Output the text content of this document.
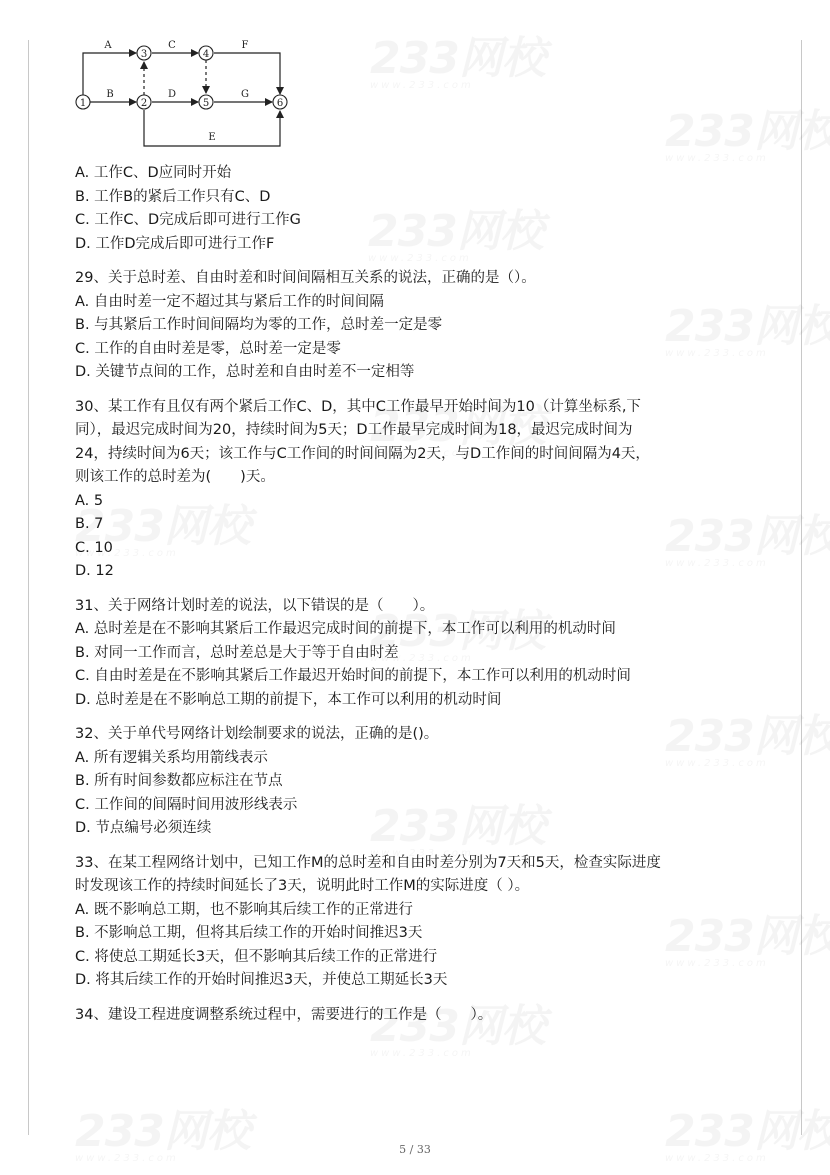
1	2
3	4
5	6
A
B
C
D
E
F
G
A. 工作C、D应同时开始
B. 工作B的紧后工作只有C、D
C. 工作C、D完成后即可进行工作G
D. 工作D完成后即可进行工作F
29、关于总时差、自由时差和时间间隔相互关系的说法，正确的是（）。
A. 自由时差一定不超过其与紧后工作的时间间隔
B. 与其紧后工作时间间隔均为零的工作，总时差一定是零
C. 工作的自由时差是零，总时差一定是零
D. 关键节点间的工作，总时差和自由时差不一定相等
30、某工作有且仅有两个紧后工作C、D，其中C工作最早开始时间为10（计算坐标系,下
同），最迟完成时间为20，持续时间为5天；D工作最早完成时间为18，最迟完成时间为
24，持续时间为6天；该工作与C工作间的时间间隔为2天，与D工作间的时间间隔为4天，
则该工作的总时差为(　　)天。
A. 5
B. 7
C. 10
D. 12
31、关于网络计划时差的说法，以下错误的是（　　）。
A. 总时差是在不影响其紧后工作最迟完成时间的前提下，本工作可以利用的机动时间
B. 对同一工作而言，总时差总是大于等于自由时差
C. 自由时差是在不影响其紧后工作最迟开始时间的前提下，本工作可以利用的机动时间
D. 总时差是在不影响总工期的前提下，本工作可以利用的机动时间
32、关于单代号网络计划绘制要求的说法，正确的是()。
A. 所有逻辑关系均用箭线表示
B. 所有时间参数都应标注在节点
C. 工作间的间隔时间用波形线表示
D. 节点编号必须连续
33、在某工程网络计划中，已知工作M的总时差和自由时差分别为7天和5天，检查实际进度
时发现该工作的持续时间延长了3天，说明此时工作M的实际进度（ ）。
A. 既不影响总工期，也不影响其后续工作的正常进行
B. 不影响总工期，但将其后续工作的开始时间推迟3天
C. 将使总工期延长3天，但不影响其后续工作的正常进行
D. 将其后续工作的开始时间推迟3天，并使总工期延长3天
34、建设工程进度调整系统过程中，需要进行的工作是（　　）。
5 / 33
